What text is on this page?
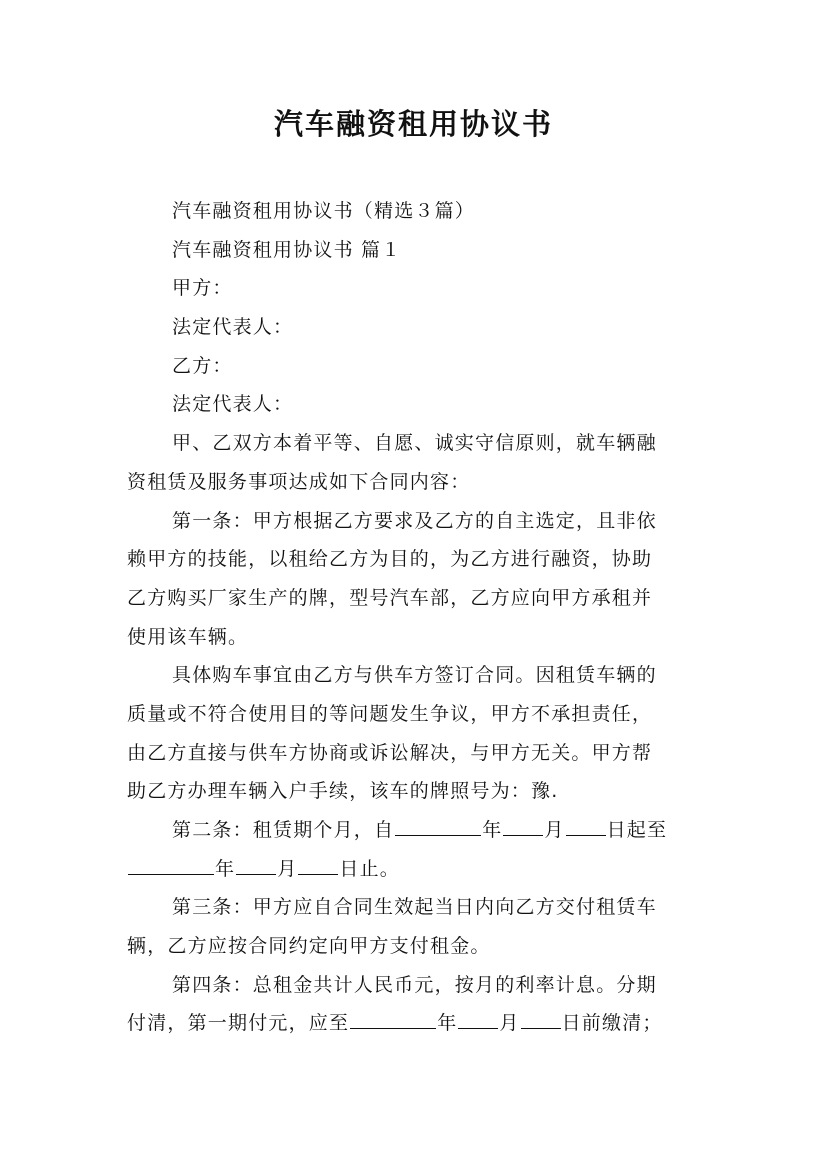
汽车融资租用协议书
汽车融资租用协议书（精选３篇）
汽车融资租用协议书 篇１
甲方：
法定代表人：
乙方：
法定代表人：
甲、乙双方本着平等、自愿、诚实守信原则，就车辆融
资租赁及服务事项达成如下合同内容：
第一条：甲方根据乙方要求及乙方的自主选定，且非依
赖甲方的技能，以租给乙方为目的，为乙方进行融资，协助
乙方购买厂家生产的牌，型号汽车部，乙方应向甲方承租并
使用该车辆。
具体购车事宜由乙方与供车方签订合同。因租赁车辆的
质量或不符合使用目的等问题发生争议，甲方不承担责任，
由乙方直接与供车方协商或诉讼解决，与甲方无关。甲方帮
助乙方办理车辆入户手续，该车的牌照号为：豫.
第二条：租赁期个月，自	年 月 日起至
年 月 日止。
第三条：甲方应自合同生效起当日内向乙方交付租赁车
辆，乙方应按合同约定向甲方支付租金。
第四条：总租金共计人民币元，按月的利率计息。分期
付清，第一期付元，应至	年 月 日前缴清；
